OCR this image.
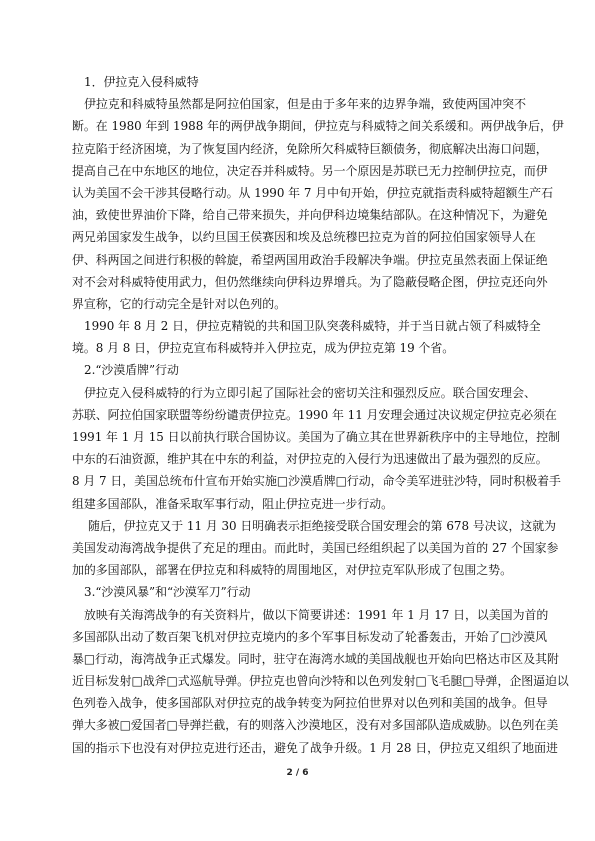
1．伊拉克入侵科威特
伊拉克和科威特虽然都是阿拉伯国家，但是由于多年来的边界争端，致使两国冲突不
断。在 1980 年到 1988 年的两伊战争期间，伊拉克与科威特之间关系缓和。两伊战争后，伊
拉克陷于经济困境，为了恢复国内经济，免除所欠科威特巨额债务，彻底解决出海口问题，
提高自己在中东地区的地位，决定吞并科威特。另一个原因是苏联已无力控制伊拉克，而伊
认为美国不会干涉其侵略行动。从 1990 年 7 月中旬开始，伊拉克就指责科威特超额生产石
油，致使世界油价下降，给自己带来损失，并向伊科边境集结部队。在这种情况下，为避免
两兄弟国家发生战争，以约旦国王侯赛因和埃及总统穆巴拉克为首的阿拉伯国家领导人在
伊、科两国之间进行积极的斡旋，希望两国用政治手段解决争端。伊拉克虽然表面上保证绝
对不会对科威特使用武力，但仍然继续向伊科边界增兵。为了隐蔽侵略企图，伊拉克还向外
界宣称，它的行动完全是针对以色列的。
1990 年 8 月 2 日，伊拉克精锐的共和国卫队突袭科威特，并于当日就占领了科威特全
境。8 月 8 日，伊拉克宣布科威特并入伊拉克，成为伊拉克第 19 个省。
2.“沙漠盾牌”行动
伊拉克入侵科威特的行为立即引起了国际社会的密切关注和强烈反应。联合国安理会、
苏联、阿拉伯国家联盟等纷纷谴责伊拉克。1990 年 11 月安理会通过决议规定伊拉克必须在
1991 年 1 月 15 日以前执行联合国协议。美国为了确立其在世界新秩序中的主导地位，控制
中东的石油资源，维护其在中东的利益，对伊拉克的入侵行为迅速做出了最为强烈的反应。
8 月 7 日，美国总统布什宣布开始实施□沙漠盾牌□行动，命令美军进驻沙特，同时积极着手
组建多国部队，准备采取军事行动，阻止伊拉克进一步行动。
随后，伊拉克又于 11 月 30 日明确表示拒绝接受联合国安理会的第 678 号决议，这就为
美国发动海湾战争提供了充足的理由。而此时，美国已经组织起了以美国为首的 27 个国家参
加的多国部队，部署在伊拉克和科威特的周围地区，对伊拉克军队形成了包围之势。
3.“沙漠风暴”和“沙漠军刀”行动
放映有关海湾战争的有关资料片，做以下简要讲述：1991 年 1 月 17 日，以美国为首的
多国部队出动了数百架飞机对伊拉克境内的多个军事目标发动了轮番轰击，开始了□沙漠风
暴□行动，海湾战争正式爆发。同时，驻守在海湾水域的美国战舰也开始向巴格达市区及其附
近目标发射□战斧□式巡航导弹。伊拉克也曾向沙特和以色列发射□飞毛腿□导弹，企图逼迫以
色列卷入战争，使多国部队对伊拉克的战争转变为阿拉伯世界对以色列和美国的战争。但导
弹大多被□爱国者□导弹拦截，有的则落入沙漠地区，没有对多国部队造成威胁。以色列在美
国的指示下也没有对伊拉克进行还击，避免了战争升级。1 月 28 日，伊拉克又组织了地面进
2 / 6
